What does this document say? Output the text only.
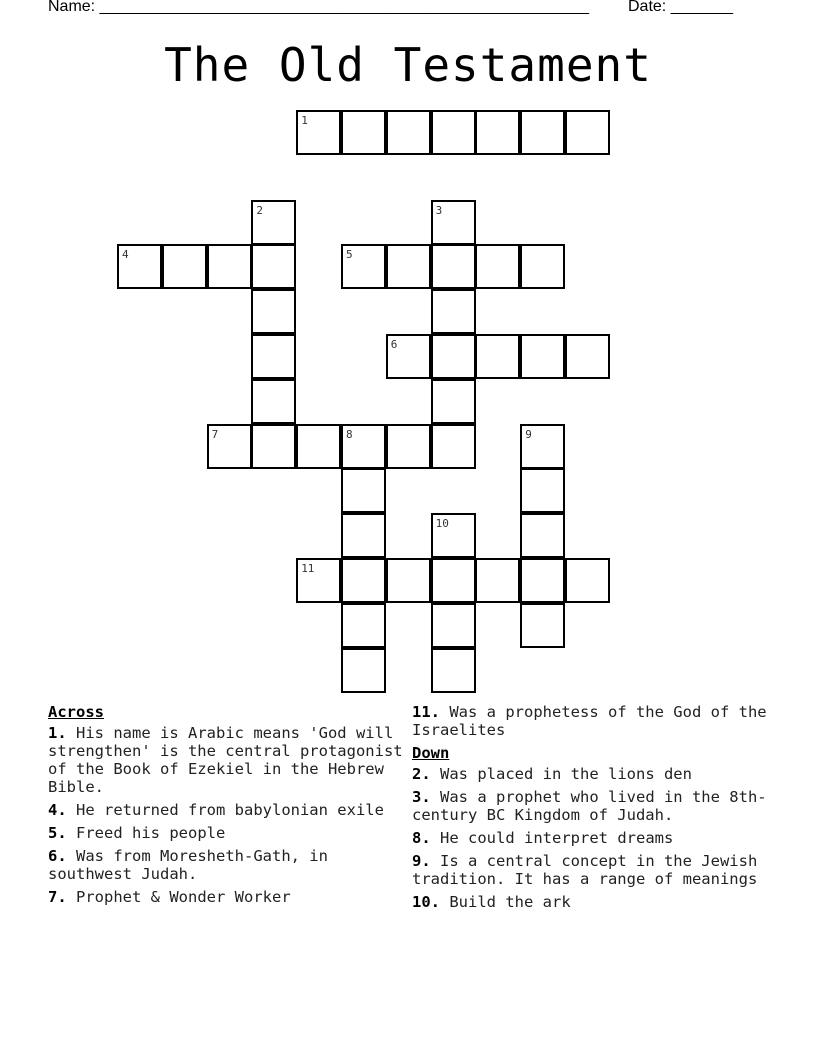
Name: _______________________________________________________ Date: _______
The Old Testament
1
2	3
4	5
6
7	8	9
10
11
Across
1. His name is Arabic means 'God will strengthen' is the central protagonist of the Book of Ezekiel in the Hebrew Bible.
4. He returned from babylonian exile
5. Freed his people
6. Was from Moresheth-Gath, in southwest Judah.
7. Prophet & Wonder Worker
11. Was a prophetess of the God of the Israelites
Down
2. Was placed in the lions den
3. Was a prophet who lived in the 8th-century BC Kingdom of Judah.
8. He could interpret dreams
9. Is a central concept in the Jewish tradition. It has a range of meanings
10. Build the ark
